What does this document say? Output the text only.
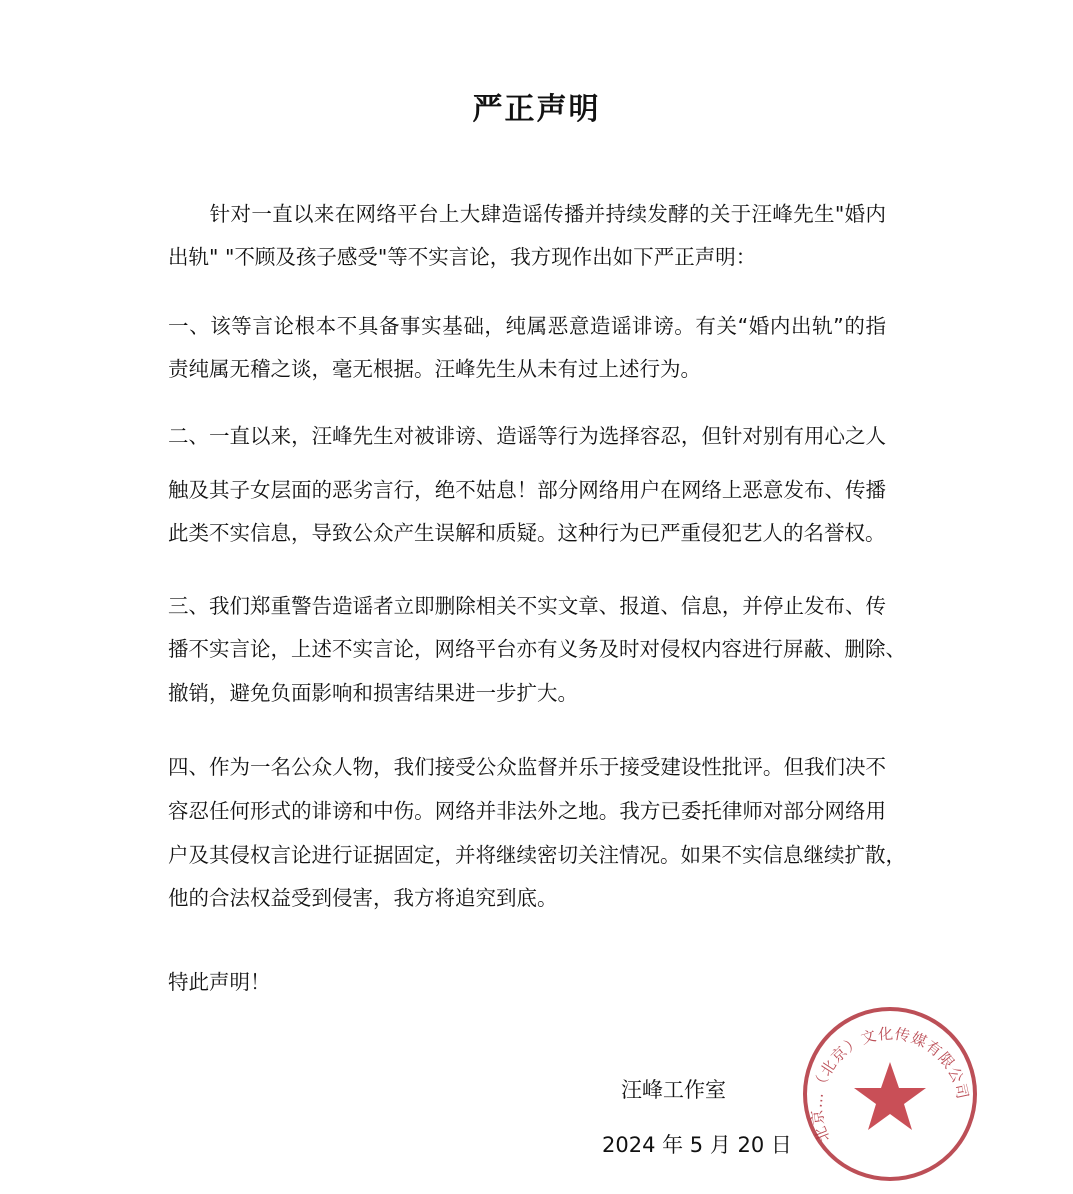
严正声明
　　针对一直以来在网络平台上大肆造谣传播并持续发酵的关于汪峰先生"婚内
出轨" "不顾及孩子感受"等不实言论，我方现作出如下严正声明：
一、该等言论根本不具备事实基础，纯属恶意造谣诽谤。有关“婚内出轨”的指
责纯属无稽之谈，毫无根据。汪峰先生从未有过上述行为。
二、一直以来，汪峰先生对被诽谤、造谣等行为选择容忍，但针对别有用心之人
触及其子女层面的恶劣言行，绝不姑息！部分网络用户在网络上恶意发布、传播
此类不实信息，导致公众产生误解和质疑。这种行为已严重侵犯艺人的名誉权。
三、我们郑重警告造谣者立即删除相关不实文章、报道、信息，并停止发布、传
播不实言论，上述不实言论，网络平台亦有义务及时对侵权内容进行屏蔽、删除、
撤销，避免负面影响和损害结果进一步扩大。
四、作为一名公众人物，我们接受公众监督并乐于接受建设性批评。但我们决不
容忍任何形式的诽谤和中伤。网络并非法外之地。我方已委托律师对部分网络用
户及其侵权言论进行证据固定，并将继续密切关注情况。如果不实信息继续扩散，
他的合法权益受到侵害，我方将追究到底。
特此声明！
北京…（北京）文化传媒有限公司
汪峰工作室
2024 年 5 月 20 日
